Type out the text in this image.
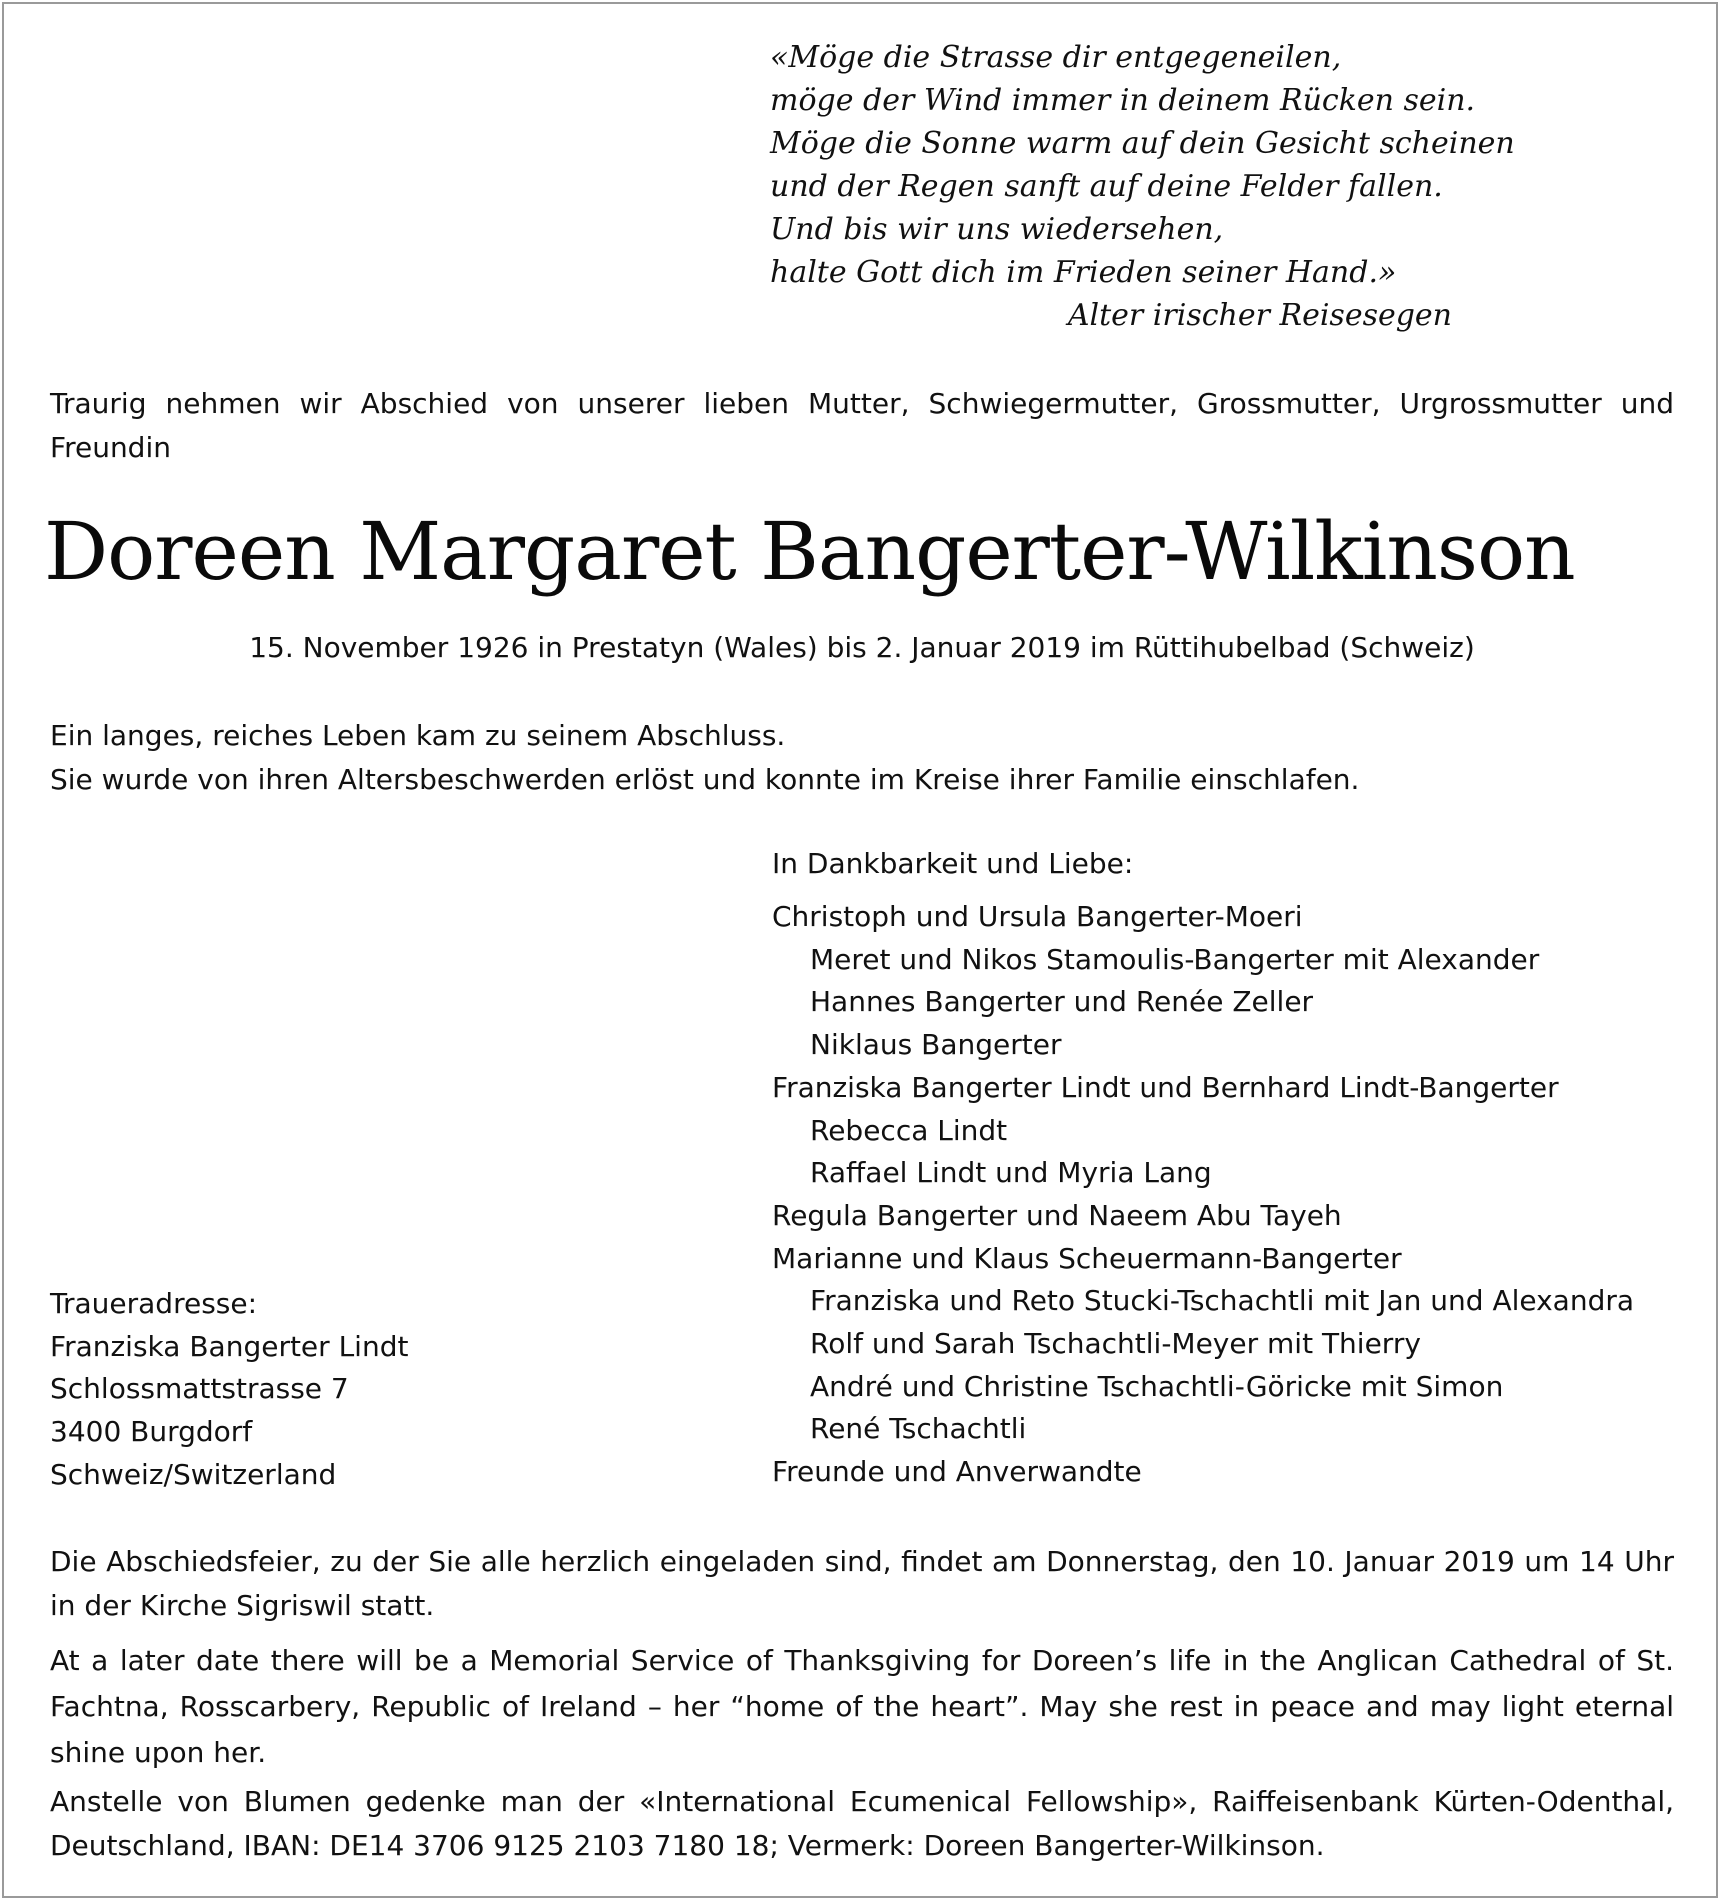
«Möge die Strasse dir entgegeneilen,
möge der Wind immer in deinem Rücken sein.
Möge die Sonne warm auf dein Gesicht scheinen
und der Regen sanft auf deine Felder fallen.
Und bis wir uns wiedersehen,
halte Gott dich im Frieden seiner Hand.»
Alter irischer Reisesegen
Traurig nehmen wir Abschied von unserer lieben Mutter, Schwiegermutter, Grossmutter, Urgrossmutter und Freundin
Doreen Margaret Bangerter-Wilkinson
15. November 1926 in Prestatyn (Wales) bis 2. Januar 2019 im Rüttihubelbad (Schweiz)
Ein langes, reiches Leben kam zu seinem Abschluss.
Sie wurde von ihren Altersbeschwerden erlöst und konnte im Kreise ihrer Familie einschlafen.
In Dankbarkeit und Liebe:
Christoph und Ursula Bangerter-Moeri
Meret und Nikos Stamoulis-Bangerter mit Alexander
Hannes Bangerter und Renée Zeller
Niklaus Bangerter
Franziska Bangerter Lindt und Bernhard Lindt-Bangerter
Rebecca Lindt
Raffael Lindt und Myria Lang
Regula Bangerter und Naeem Abu Tayeh
Marianne und Klaus Scheuermann-Bangerter
Franziska und Reto Stucki-Tschachtli mit Jan und Alexandra
Rolf und Sarah Tschachtli-Meyer mit Thierry
André und Christine Tschachtli-Göricke mit Simon
René Tschachtli
Freunde und Anverwandte
Traueradresse:
Franziska Bangerter Lindt
Schlossmattstrasse 7
3400 Burgdorf
Schweiz/Switzerland
Die Abschiedsfeier, zu der Sie alle herzlich eingeladen sind, findet am Donnerstag, den 10. Januar 2019 um 14 Uhr in der Kirche Sigriswil statt.
At a later date there will be a Memorial Service of Thanksgiving for Doreen’s life in the Anglican Cathedral of St. Fachtna, Rosscarbery, Republic of Ireland – her “home of the heart”. May she rest in peace and may light eternal shine upon her.
Anstelle von Blumen gedenke man der «International Ecumenical Fellowship», Raiffeisenbank Kürten-Odenthal, Deutschland, IBAN: DE14 3706 9125 2103 7180 18; Vermerk: Doreen Bangerter-Wilkinson.
